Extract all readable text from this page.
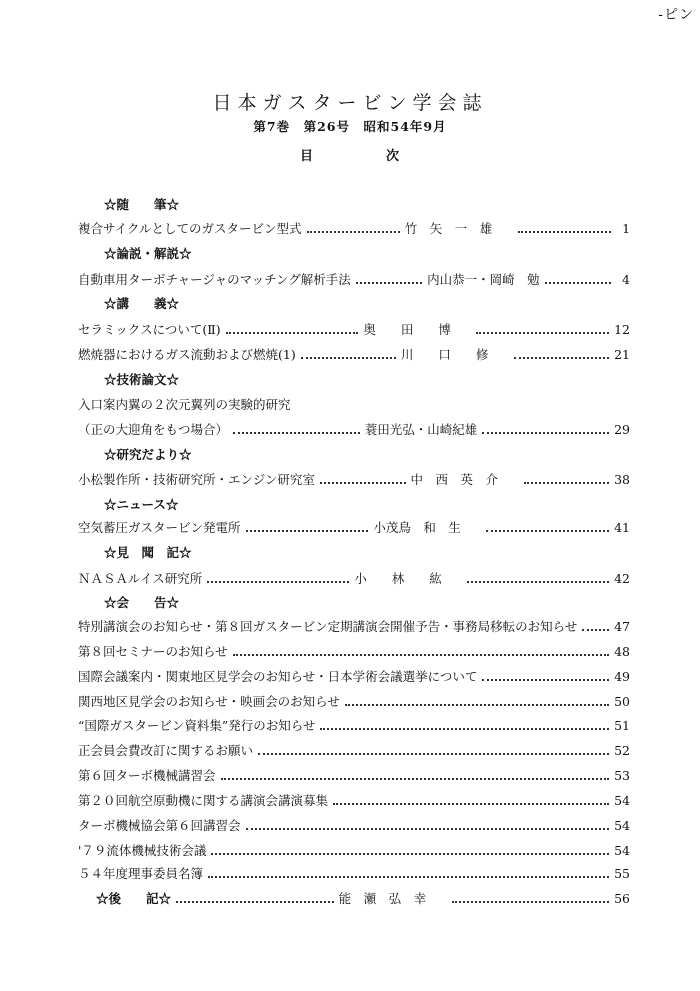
-ピン
日本ガスタービン学会誌
第7巻　第26号　昭和54年9月
目	次
☆随　　筆☆
複合サイクルとしてのガスタービン型式	竹　矢　一　雄	1
☆論説・解説☆
自動車用ターボチャージャのマッチング解析手法	内山恭一・岡崎　勉	4
☆講　　義☆
セラミックスについて(Ⅱ)	奥　　田　　博	12
燃焼器におけるガス流動および燃焼(1)	川　　口　　修	21
☆技術論文☆
入口案内翼の２次元翼列の実験的研究
（正の大迎角をもつ場合）	蓑田光弘・山崎紀雄	29
☆研究だより☆
小松製作所・技術研究所・エンジン研究室	中　西　英　介	38
☆ニュース☆
空気蓄圧ガスタービン発電所	小茂鳥　和　生	41
☆見　聞　記☆
ＮＡＳＡルイス研究所	小　　林　　紘	42
☆会　　告☆
特別講演会のお知らせ・第８回ガスタービン定期講演会開催予告・事務局移転のお知らせ	47
第８回セミナーのお知らせ	48
国際会議案内・関東地区見学会のお知らせ・日本学術会議選挙について	49
関西地区見学会のお知らせ・映画会のお知らせ	50
“国際ガスタービン資料集”発行のお知らせ	51
正会員会費改訂に関するお願い	52
第６回ターボ機械講習会	53
第２０回航空原動機に関する講演会講演募集	54
ターボ機械協会第６回講習会	54
'７９流体機械技術会議	54
５４年度理事委員名簿	55
☆後　　記☆	能　瀬　弘　幸	56
